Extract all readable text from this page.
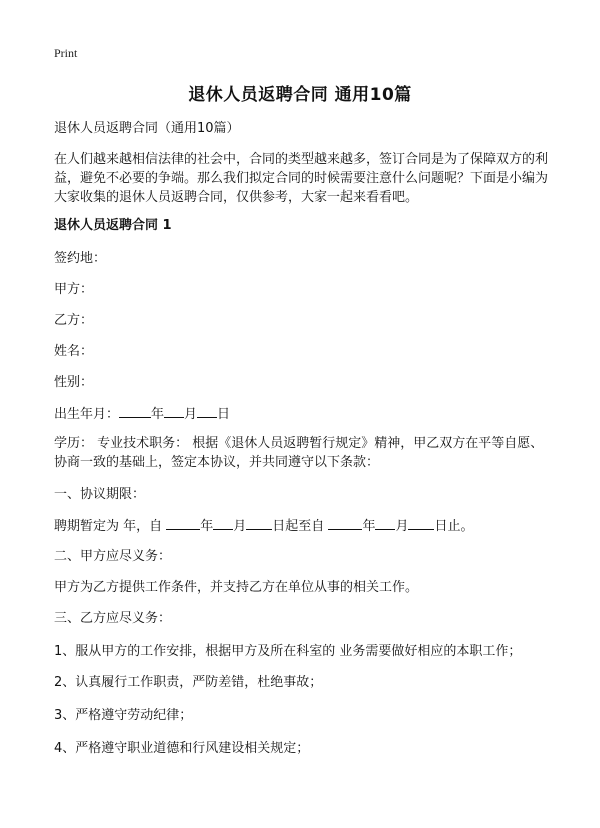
Print
退休人员返聘合同 通用10篇
退休人员返聘合同（通用10篇）
在人们越来越相信法律的社会中，合同的类型越来越多，签订合同是为了保障双方的利益，避免不必要的争端。那么我们拟定合同的时候需要注意什么问题呢？下面是小编为大家收集的退休人员返聘合同，仅供参考，大家一起来看看吧。
退休人员返聘合同 1
签约地：
甲方：
乙方：
姓名：
性别：
出生年月： 年 月 日
学历： 专业技术职务： 根据《退休人员返聘暂行规定》精神，甲乙双方在平等自愿、协商一致的基础上，签定本协议，并共同遵守以下条款：
一、协议期限：
聘期暂定为 年，自	年 月 日起至自	年 月 日止。
二、甲方应尽义务：
甲方为乙方提供工作条件，并支持乙方在单位从事的相关工作。
三、乙方应尽义务：
1、服从甲方的工作安排，根据甲方及所在科室的 业务需要做好相应的本职工作；
2、认真履行工作职责，严防差错，杜绝事故；
3、严格遵守劳动纪律；
4、严格遵守职业道德和行风建设相关规定；
